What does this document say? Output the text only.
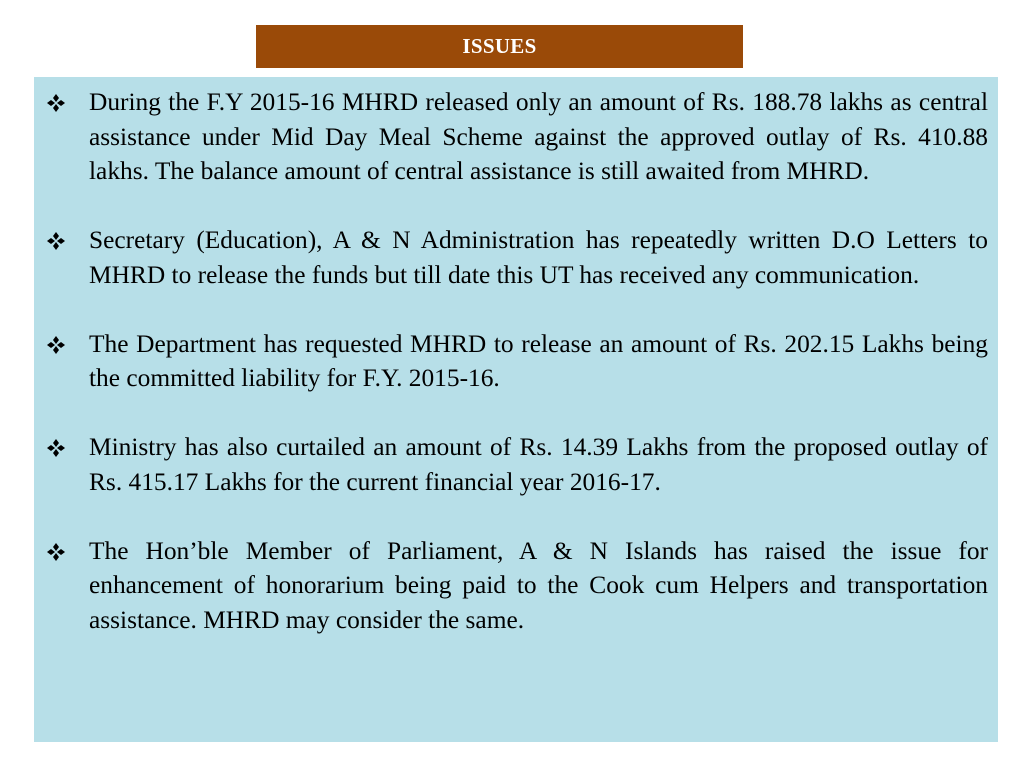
ISSUES
During the F.Y 2015-16 MHRD released only an amount of Rs. 188.78 lakhs as central assistance under Mid Day Meal Scheme against the approved outlay of Rs. 410.88 lakhs. The balance amount of central assistance is still awaited from MHRD.
Secretary (Education), A & N Administration has repeatedly written D.O Letters to MHRD to release the funds but till date this UT has received any communication.
The Department has requested MHRD to release an amount of Rs. 202.15 Lakhs being the committed liability for F.Y. 2015-16.
Ministry has also curtailed an amount of Rs. 14.39 Lakhs from the proposed outlay of Rs. 415.17 Lakhs for the current financial year 2016-17.
The Hon’ble Member of Parliament, A & N Islands has raised the issue for enhancement of honorarium being paid to the Cook cum Helpers and transportation assistance. MHRD may consider the same.
